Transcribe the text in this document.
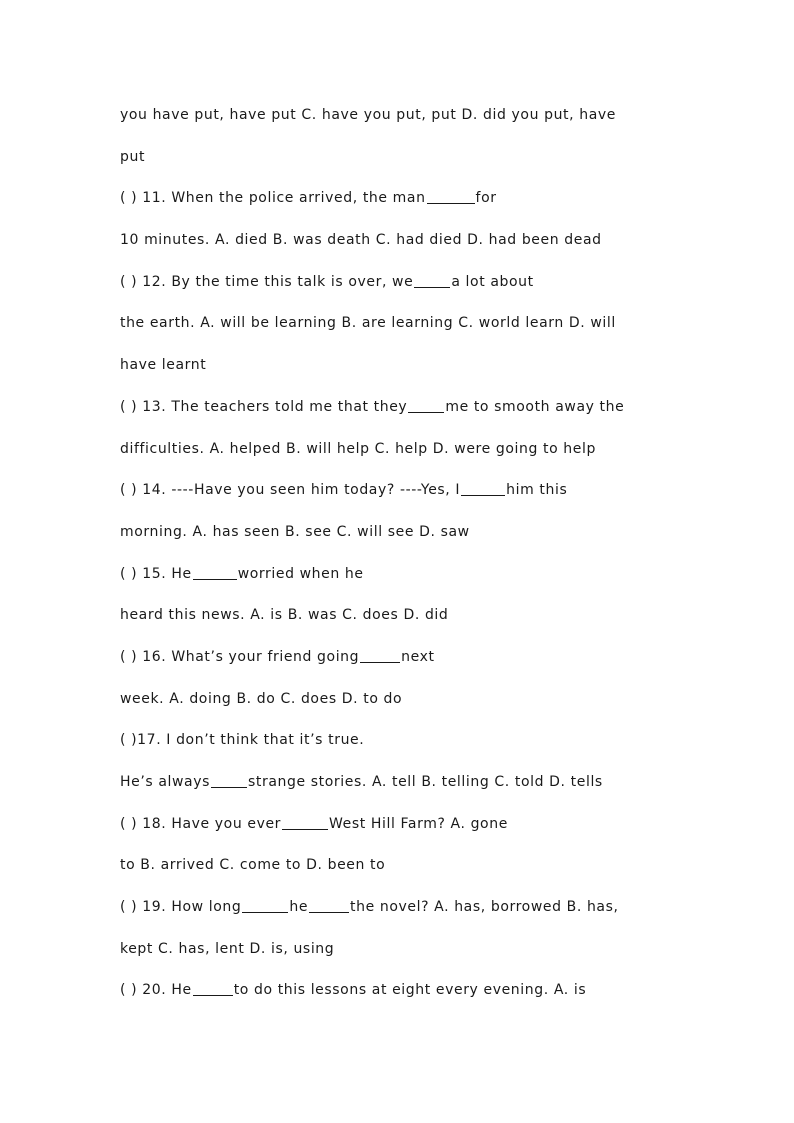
you have put, have put C. have you put, put D. did you put, have
put
( ) 11. When the police arrived, the man	for
10 minutes. A. died B. was death C. had died D. had been dead
( ) 12. By the time this talk is over, we	a lot about
the earth. A. will be learning B. are learning C. world learn D. will
have learnt
( ) 13. The teachers told me that they	me to smooth away the
difficulties. A. helped B. will help C. help D. were going to help
( ) 14. ----Have you seen him today? ----Yes, I	him this
morning. A. has seen B. see C. will see D. saw
( ) 15. He	worried when he
heard this news. A. is B. was C. does D. did
( ) 16. What’s your friend going	next
week. A. doing B. do C. does D. to do
( )17. I don’t think that it’s true.
He’s always	strange stories. A. tell B. telling C. told D. tells
( ) 18. Have you ever	West Hill Farm? A. gone
to B. arrived C. come to D. been to
( ) 19. How long	he	the novel? A. has, borrowed B. has,
kept C. has, lent D. is, using
( ) 20. He	to do this lessons at eight every evening. A. is
